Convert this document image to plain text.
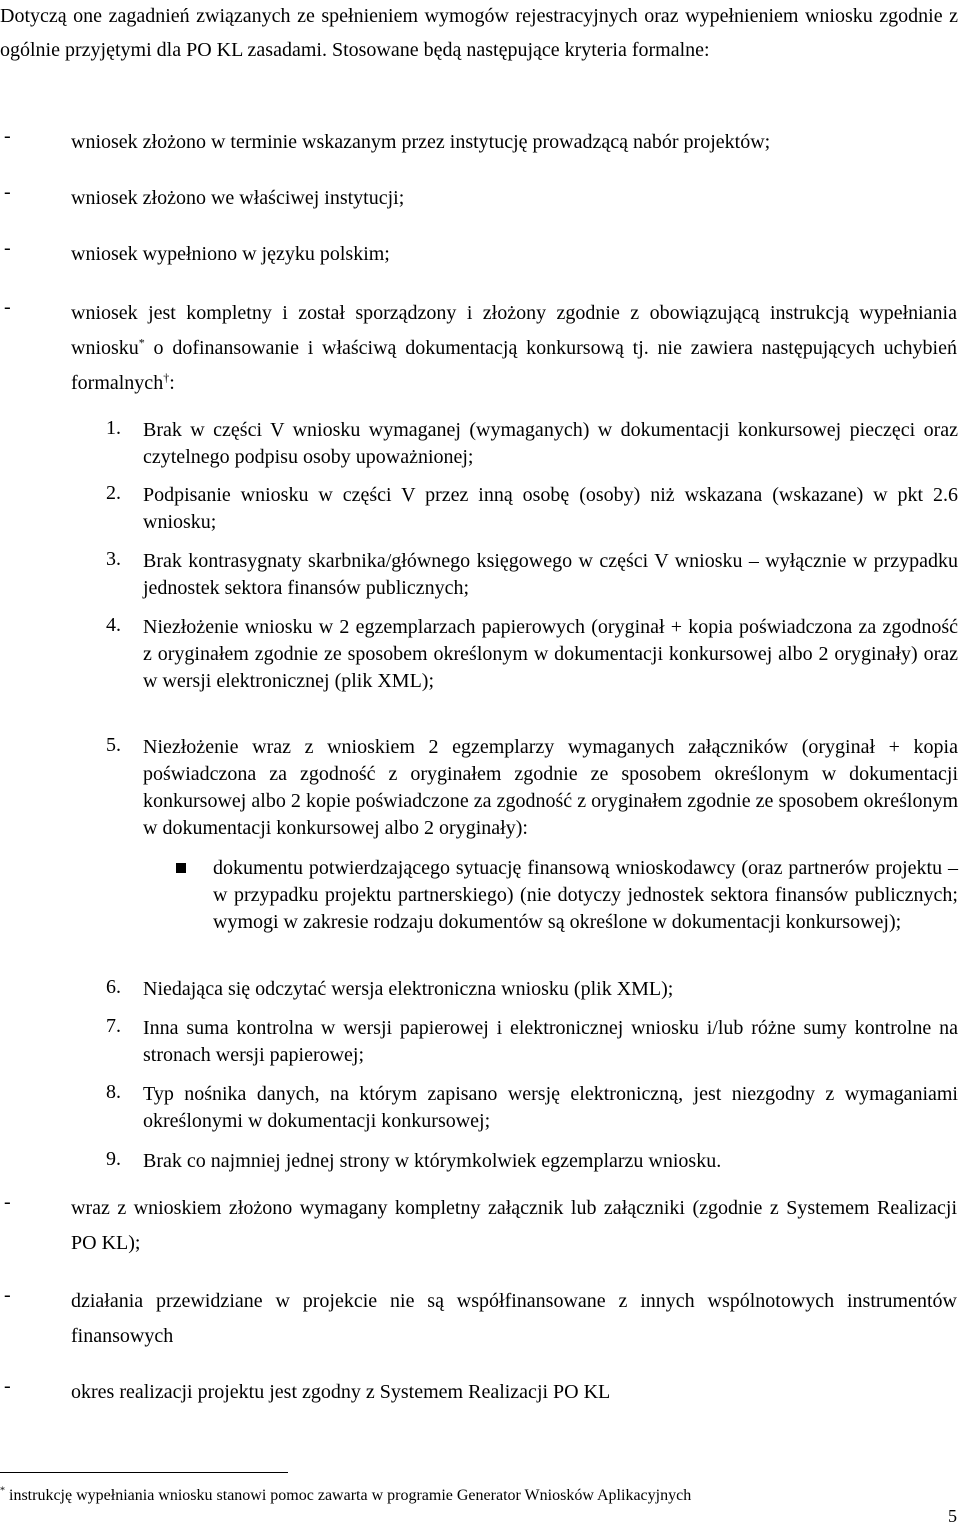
Dotyczą one zagadnień związanych ze spełnieniem wymogów rejestracyjnych oraz wypełnieniem wniosku zgodnie z ogólnie przyjętymi dla PO KL zasadami. Stosowane będą następujące kryteria formalne:

-	wniosek złożono w terminie wskazanym przez instytucję prowadzącą nabór projektów;

-	wniosek złożono we właściwej instytucji;

-	wniosek wypełniono w języku polskim;

-	wniosek jest kompletny i został sporządzony i złożony zgodnie z obowiązującą instrukcją wypełniania wniosku* o dofinansowanie i właściwą dokumentacją konkursową tj. nie zawiera następujących uchybień formalnych†:

1. Brak w części V wniosku wymaganej (wymaganych) w dokumentacji konkursowej pieczęci oraz czytelnego podpisu osoby upoważnionej;

2. Podpisanie wniosku w części V przez inną osobę (osoby) niż wskazana (wskazane) w pkt 2.6 wniosku;

3. Brak kontrasygnaty skarbnika/głównego księgowego w części V wniosku – wyłącznie w przypadku jednostek sektora finansów publicznych;

4. Niezłożenie wniosku w 2 egzemplarzach papierowych (oryginał + kopia poświadczona za zgodność z oryginałem zgodnie ze sposobem określonym w dokumentacji konkursowej albo 2 oryginały) oraz w wersji elektronicznej (plik XML);

5. Niezłożenie wraz z wnioskiem 2 egzemplarzy wymaganych załączników (oryginał + kopia poświadczona za zgodność z oryginałem zgodnie ze sposobem określonym w dokumentacji konkursowej albo 2 kopie poświadczone za zgodność z oryginałem zgodnie ze sposobem określonym w dokumentacji konkursowej albo 2 oryginały):

dokumentu potwierdzającego sytuację finansową wnioskodawcy (oraz partnerów projektu – w przypadku projektu partnerskiego) (nie dotyczy jednostek sektora finansów publicznych; wymogi w zakresie rodzaju dokumentów są określone w dokumentacji konkursowej);

6. Niedająca się odczytać wersja elektroniczna wniosku (plik XML);

7. Inna suma kontrolna w wersji papierowej i elektronicznej wniosku i/lub różne sumy kontrolne na stronach wersji papierowej;

8. Typ nośnika danych, na którym zapisano wersję elektroniczną, jest niezgodny z wymaganiami określonymi w dokumentacji konkursowej;

9. Brak co najmniej jednej strony w którymkolwiek egzemplarzu wniosku.

-	wraz z wnioskiem złożono wymagany kompletny załącznik lub załączniki (zgodnie z Systemem Realizacji PO KL);

-	działania przewidziane w projekcie nie są współfinansowane z innych wspólnotowych instrumentów finansowych

-	okres realizacji projektu jest zgodny z Systemem Realizacji PO KL

* instrukcję wypełniania wniosku stanowi pomoc zawarta w programie Generator Wniosków Aplikacyjnych

5
